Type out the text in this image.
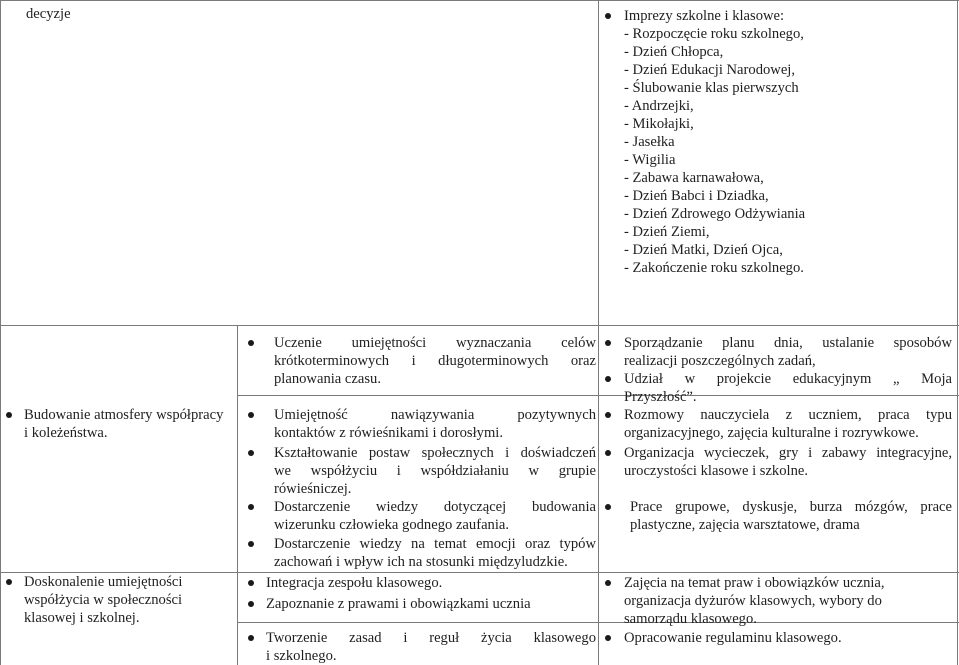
decyzje	Imprezy szkolne i klasowe:
- Rozpoczęcie roku szkolnego,
- Dzień Chłopca,
- Dzień Edukacji Narodowej,
- Ślubowanie klas pierwszych
- Andrzejki,
- Mikołajki,
- Jasełka
- Wigilia
- Zabawa karnawałowa,
- Dzień Babci i Dziadka,
- Dzień Zdrowego Odżywiania
- Dzień Ziemi,
- Dzień Matki, Dzień Ojca,
- Zakończenie roku szkolnego.
Budowanie atmosfery współpracy
i koleżeństwa.
Uczenie umiejętności wyznaczania celów
krótkoterminowych i długoterminowych oraz
planowania czasu.
Umiejętność nawiązywania pozytywnych
kontaktów z rówieśnikami i dorosłymi.
Kształtowanie postaw społecznych i doświadczeń
we współżyciu i współdziałaniu w grupie
rówieśniczej.
Dostarczenie wiedzy dotyczącej budowania
wizerunku człowieka godnego zaufania.
Dostarczenie wiedzy na temat emocji oraz typów
zachowań i wpływ ich na stosunki międzyludzkie.
Sporządzanie planu dnia, ustalanie sposobów
realizacji poszczególnych zadań,
Udział w projekcie edukacyjnym „ Moja
Przyszłość”.
Rozmowy nauczyciela z uczniem, praca typu
organizacyjnego, zajęcia kulturalne i rozrywkowe.
Organizacja wycieczek, gry i zabawy integracyjne,
uroczystości klasowe i szkolne.
Prace grupowe, dyskusje, burza mózgów, prace
plastyczne, zajęcia warsztatowe, drama
Doskonalenie umiejętności
współżycia w społeczności
klasowej i szkolnej.
Integracja zespołu klasowego.
Zapoznanie z prawami i obowiązkami ucznia
Tworzenie zasad i reguł życia klasowego
i szkolnego.
Zajęcia na temat praw i obowiązków ucznia,
organizacja dyżurów klasowych, wybory do
samorządu klasowego.
Opracowanie regulaminu klasowego.
